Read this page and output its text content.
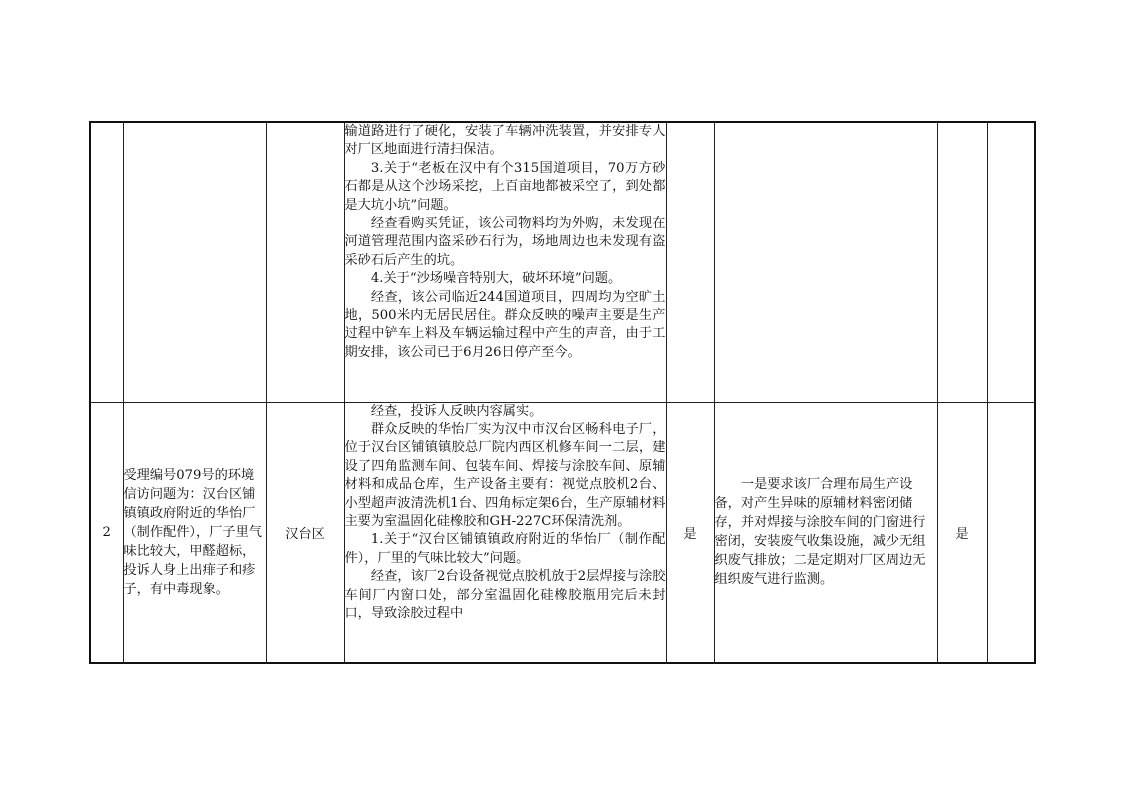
			输道路进行了硬化，安装了车辆冲洗装置，并安排专人对厂区地面进行清扫保洁。

3.关于“老板在汉中有个315国道项目，70万方砂石都是从这个沙场采挖，上百亩地都被采空了，到处都是大坑小坑”问题。

经查看购买凭证，该公司物料均为外购，未发现在河道管理范围内盗采砂石行为，场地周边也未发现有盗采砂石后产生的坑。

4.关于“沙场噪音特别大，破坏环境”问题。

经查，该公司临近244国道项目，四周均为空旷土地，500米内无居民居住。群众反映的噪声主要是生产过程中铲车上料及车辆运输过程中产生的声音，由于工期安排，该公司已于6月26日停产至今。				

2	受理编号079号的环境信访问题为：汉台区铺镇镇政府附近的华怡厂（制作配件），厂子里气味比较大，甲醛超标，投诉人身上出痱子和疹子，有中毒现象。	汉台区	经查，投诉人反映内容属实。

群众反映的华怡厂实为汉中市汉台区畅科电子厂，位于汉台区铺镇镇胶总厂院内西区机修车间一二层，建设了四角监测车间、包装车间、焊接与涂胶车间、原辅材料和成品仓库，生产设备主要有：视觉点胶机2台、小型超声波清洗机1台、四角标定架6台，生产原辅材料主要为室温固化硅橡胶和GH-227C环保清洗剂。

1.关于“汉台区铺镇镇政府附近的华怡厂（制作配件），厂里的气味比较大”问题。

经查，该厂2台设备视觉点胶机放于2层焊接与涂胶车间厂内窗口处，部分室温固化硅橡胶瓶用完后未封口，导致涂胶过程中	是	一是要求该厂合理布局生产设备，对产生异味的原辅材料密闭储存，并对焊接与涂胶车间的门窗进行密闭，安装废气收集设施，减少无组织废气排放；二是定期对厂区周边无组织废气进行监测。	是	
